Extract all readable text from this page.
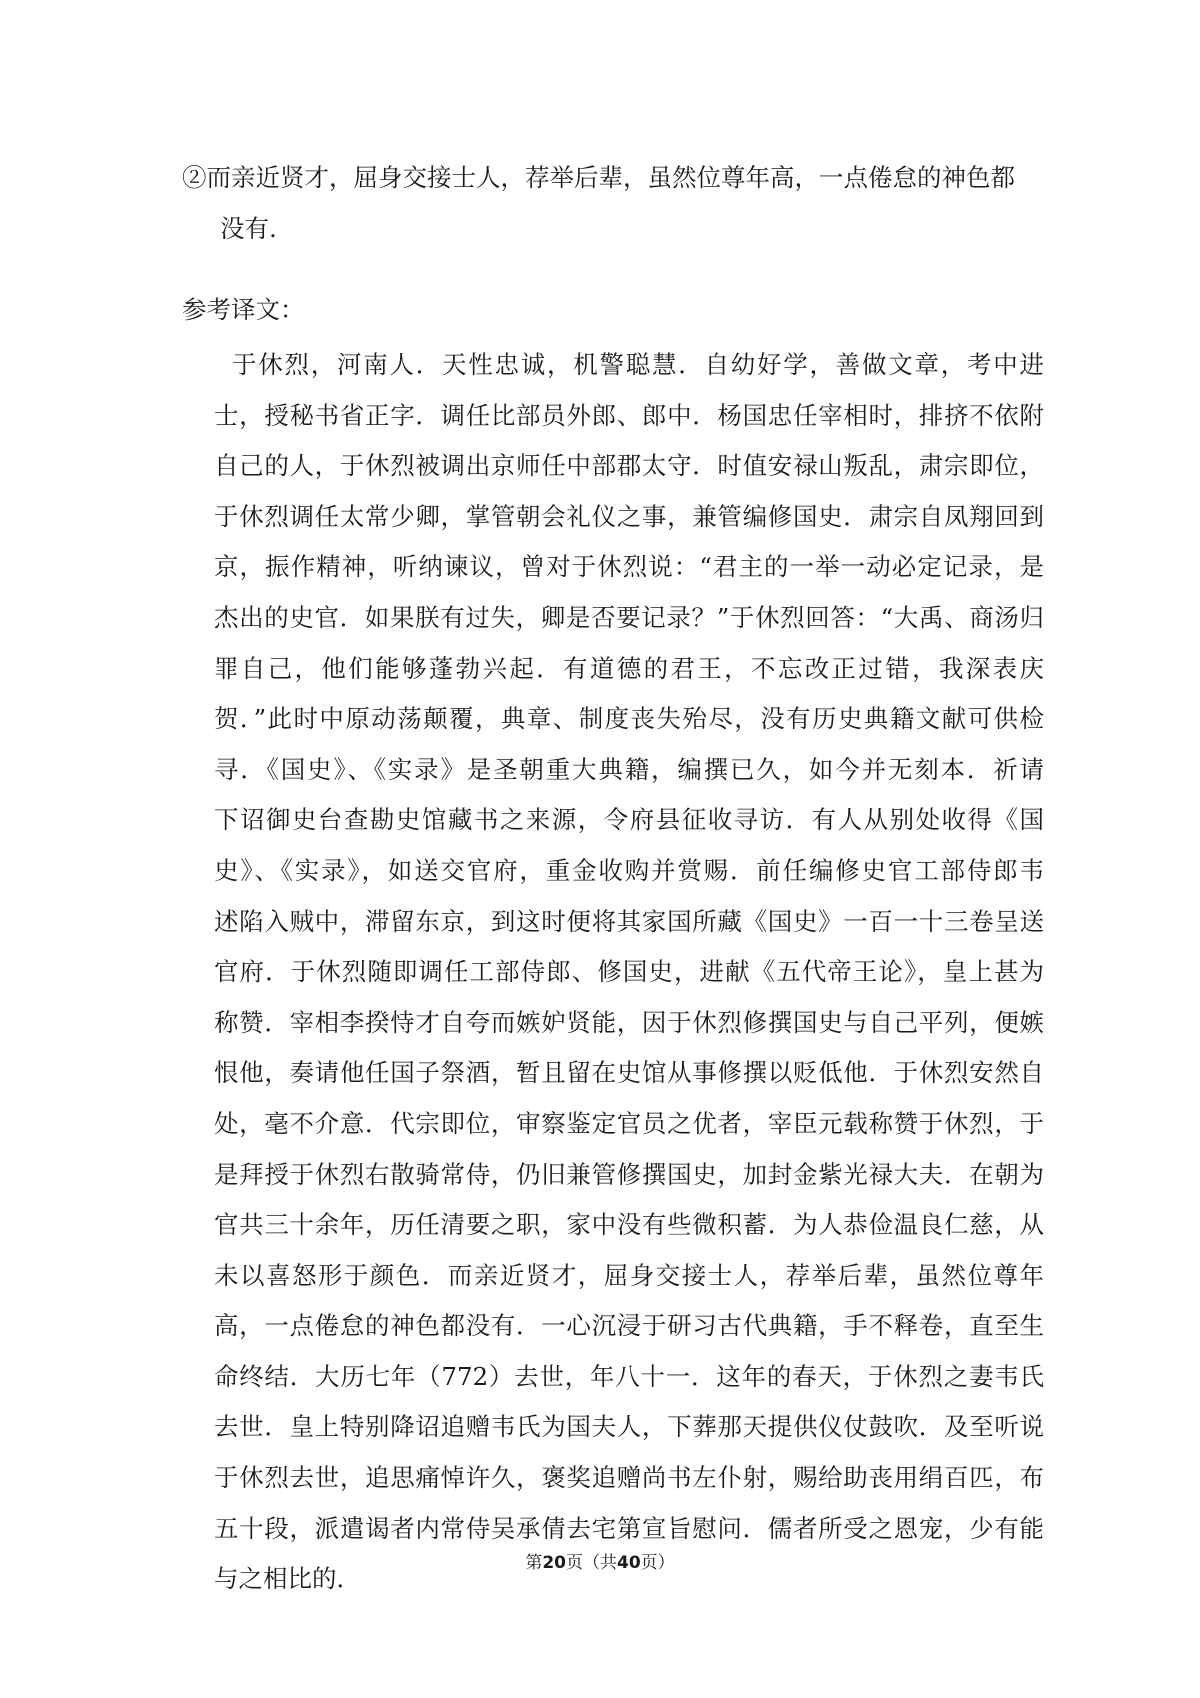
②而亲近贤才，屈身交接士人，荐举后辈，虽然位尊年高，一点倦怠的神色都
没有.
参考译文：
于休烈，河南人．天性忠诚，机警聪慧．自幼好学，善做文章，考中进
士，授秘书省正字．调任比部员外郎、郎中．杨国忠任宰相时，排挤不依附
自己的人，于休烈被调出京师任中部郡太守．时值安禄山叛乱，肃宗即位，
于休烈调任太常少卿，掌管朝会礼仪之事，兼管编修国史．肃宗自凤翔回到
京，振作精神，听纳谏议，曾对于休烈说：“君主的一举一动必定记录，是
杰出的史官．如果朕有过失，卿是否要记录？”于休烈回答：“大禹、商汤归
罪自己，他们能够蓬勃兴起．有道德的君王，不忘改正过错，我深表庆
贺．”此时中原动荡颠覆，典章、制度丧失殆尽，没有历史典籍文献可供检
寻．《国史》、《实录》是圣朝重大典籍，编撰已久，如今并无刻本．祈请
下诏御史台查勘史馆藏书之来源，令府县征收寻访．有人从别处收得《国
史》、《实录》，如送交官府，重金收购并赏赐．前任编修史官工部侍郎韦
述陷入贼中，滞留东京，到这时便将其家国所藏《国史》一百一十三卷呈送
官府．于休烈随即调任工部侍郎、修国史，进献《五代帝王论》，皇上甚为
称赞．宰相李揆恃才自夸而嫉妒贤能，因于休烈修撰国史与自己平列，便嫉
恨他，奏请他任国子祭酒，暂且留在史馆从事修撰以贬低他．于休烈安然自
处，毫不介意．代宗即位，审察鉴定官员之优者，宰臣元载称赞于休烈，于
是拜授于休烈右散骑常侍，仍旧兼管修撰国史，加封金紫光禄大夫．在朝为
官共三十余年，历任清要之职，家中没有些微积蓄．为人恭俭温良仁慈，从
未以喜怒形于颜色．而亲近贤才，屈身交接士人，荐举后辈，虽然位尊年
高，一点倦怠的神色都没有．一心沉浸于研习古代典籍，手不释卷，直至生
命终结．大历七年（772）去世，年八十一．这年的春天，于休烈之妻韦氏
去世．皇上特别降诏追赠韦氏为国夫人，下葬那天提供仪仗鼓吹．及至听说
于休烈去世，追思痛悼许久，褒奖追赠尚书左仆射，赐给助丧用绢百匹，布
五十段，派遣谒者内常侍吴承倩去宅第宣旨慰问．儒者所受之恩宠，少有能
与之相比的．
第20页（共40页）
